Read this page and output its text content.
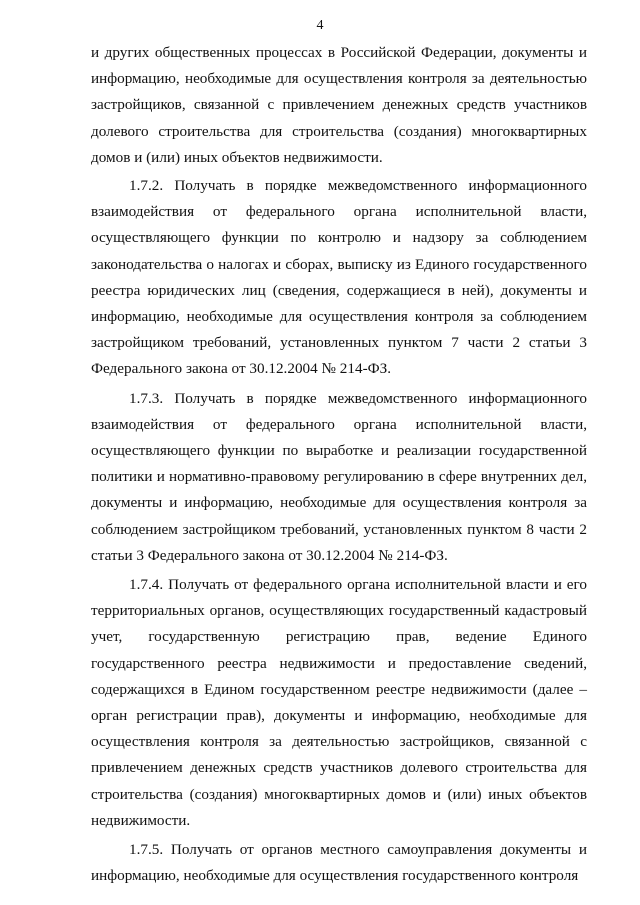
4

и других общественных процессах в Российской Федерации, документы и информацию, необходимые для осуществления контроля за деятельностью застройщиков, связанной с привлечением денежных средств участников долевого строительства для строительства (создания) многоквартирных домов и (или) иных объектов недвижимости.

1.7.2. Получать в порядке межведомственного информационного взаимодействия от федерального органа исполнительной власти, осуществляющего функции по контролю и надзору за соблюдением законодательства о налогах и сборах, выписку из Единого государственного реестра юридических лиц (сведения, содержащиеся в ней), документы и информацию, необходимые для осуществления контроля за соблюдением застройщиком требований, установленных пунктом 7 части 2 статьи 3 Федерального закона от 30.12.2004 № 214-ФЗ.

1.7.3. Получать в порядке межведомственного информационного взаимодействия от федерального органа исполнительной власти, осуществляющего функции по выработке и реализации государственной политики и нормативно-правовому регулированию в сфере внутренних дел, документы и информацию, необходимые для осуществления контроля за соблюдением застройщиком требований, установленных пунктом 8 части 2 статьи 3 Федерального закона от 30.12.2004 № 214-ФЗ.

1.7.4. Получать от федерального органа исполнительной власти и его территориальных органов, осуществляющих государственный кадастровый учет, государственную регистрацию прав, ведение Единого государственного реестра недвижимости и предоставление сведений, содержащихся в Едином государственном реестре недвижимости (далее – орган регистрации прав), документы и информацию, необходимые для осуществления контроля за деятельностью застройщиков, связанной с привлечением денежных средств участников долевого строительства для строительства (создания) многоквартирных домов и (или) иных объектов недвижимости.

1.7.5. Получать от органов местного самоуправления документы и информацию, необходимые для осуществления государственного контроля
